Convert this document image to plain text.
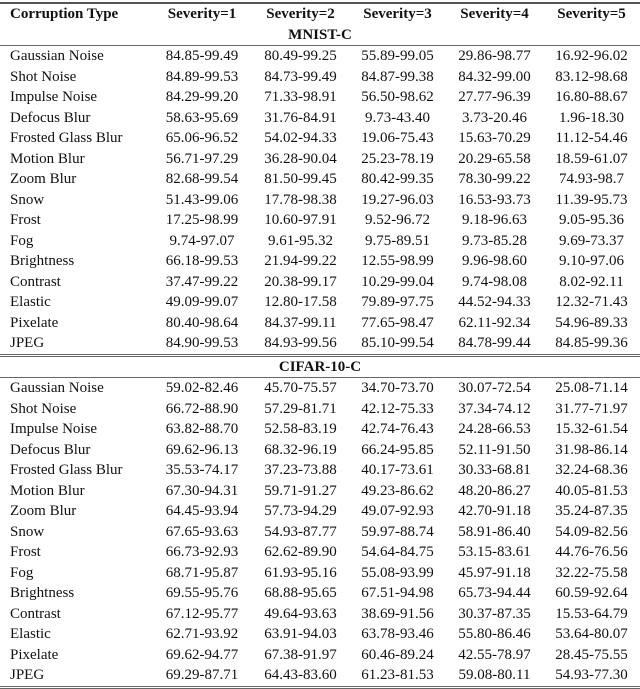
Corruption Type	Severity=1	Severity=2	Severity=3	Severity=4	Severity=5
MNIST-C					
Gaussian Noise	84.85-99.49	80.49-99.25	55.89-99.05	29.86-98.77	16.92-96.02
Shot Noise	84.89-99.53	84.73-99.49	84.87-99.38	84.32-99.00	83.12-98.68
Impulse Noise	84.29-99.20	71.33-98.91	56.50-98.62	27.77-96.39	16.80-88.67
Defocus Blur	58.63-95.69	31.76-84.91	9.73-43.40	3.73-20.46	1.96-18.30
Frosted Glass Blur	65.06-96.52	54.02-94.33	19.06-75.43	15.63-70.29	11.12-54.46
Motion Blur	56.71-97.29	36.28-90.04	25.23-78.19	20.29-65.58	18.59-61.07
Zoom Blur	82.68-99.54	81.50-99.45	80.42-99.35	78.30-99.22	74.93-98.7
Snow	51.43-99.06	17.78-98.38	19.27-96.03	16.53-93.73	11.39-95.73
Frost	17.25-98.99	10.60-97.91	9.52-96.72	9.18-96.63	9.05-95.36
Fog	9.74-97.07	9.61-95.32	9.75-89.51	9.73-85.28	9.69-73.37
Brightness	66.18-99.53	21.94-99.22	12.55-98.99	9.96-98.60	9.10-97.06
Contrast	37.47-99.22	20.38-99.17	10.29-99.04	9.74-98.08	8.02-92.11
Elastic	49.09-99.07	12.80-17.58	79.89-97.75	44.52-94.33	12.32-71.43
Pixelate	80.40-98.64	84.37-99.11	77.65-98.47	62.11-92.34	54.96-89.33
JPEG	84.90-99.53	84.93-99.56	85.10-99.54	84.78-99.44	84.85-99.36
CIFAR-10-C					
Gaussian Noise	59.02-82.46	45.70-75.57	34.70-73.70	30.07-72.54	25.08-71.14
Shot Noise	66.72-88.90	57.29-81.71	42.12-75.33	37.34-74.12	31.77-71.97
Impulse Noise	63.82-88.70	52.58-83.19	42.74-76.43	24.28-66.53	15.32-61.54
Defocus Blur	69.62-96.13	68.32-96.19	66.24-95.85	52.11-91.50	31.98-86.14
Frosted Glass Blur	35.53-74.17	37.23-73.88	40.17-73.61	30.33-68.81	32.24-68.36
Motion Blur	67.30-94.31	59.71-91.27	49.23-86.62	48.20-86.27	40.05-81.53
Zoom Blur	64.45-93.94	57.73-94.29	49.07-92.93	42.70-91.18	35.24-87.35
Snow	67.65-93.63	54.93-87.77	59.97-88.74	58.91-86.40	54.09-82.56
Frost	66.73-92.93	62.62-89.90	54.64-84.75	53.15-83.61	44.76-76.56
Fog	68.71-95.87	61.93-95.16	55.08-93.99	45.97-91.18	32.22-75.58
Brightness	69.55-95.76	68.88-95.65	67.51-94.98	65.73-94.44	60.59-92.64
Contrast	67.12-95.77	49.64-93.63	38.69-91.56	30.37-87.35	15.53-64.79
Elastic	62.71-93.92	63.91-94.03	63.78-93.46	55.80-86.46	53.64-80.07
Pixelate	69.62-94.77	67.38-91.97	60.46-89.24	42.55-78.97	28.45-75.55
JPEG	69.29-87.71	64.43-83.60	61.23-81.53	59.08-80.11	54.93-77.30
